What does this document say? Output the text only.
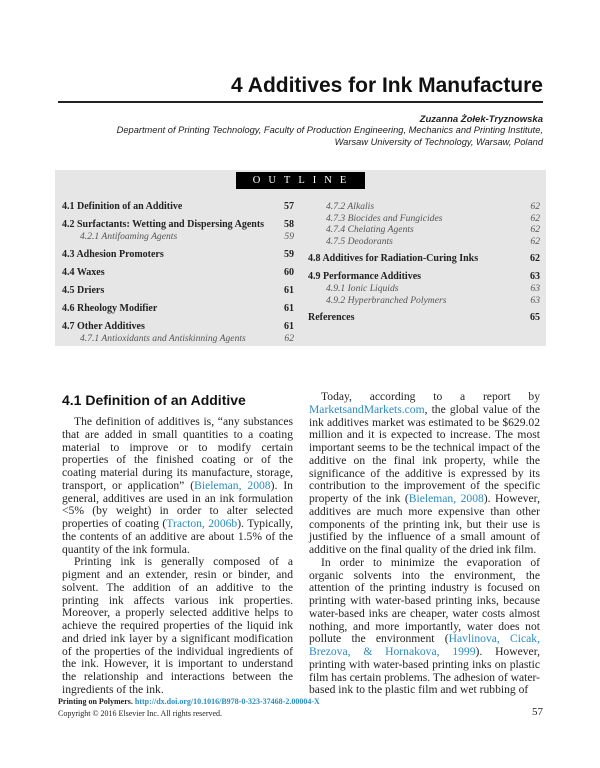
4 Additives for Ink Manufacture
Zuzanna Żołek-Tryznowska
Department of Printing Technology, Faculty of Production Engineering, Mechanics and Printing Institute,
Warsaw University of Technology, Warsaw, Poland
OUTLINE
4.1 Definition of an Additive	57
4.2 Surfactants: Wetting and Dispersing Agents 58
4.2.1 Antifoaming Agents	59
4.3 Adhesion Promoters	59
4.4 Waxes	60
4.5 Driers	61
4.6 Rheology Modifier	61
4.7 Other Additives	61
4.7.1 Antioxidants and Antiskinning Agents	62
4.7.2 Alkalis	62
4.7.3 Biocides and Fungicides	62
4.7.4 Chelating Agents	62
4.7.5 Deodorants	62
4.8 Additives for Radiation-Curing Inks	62
4.9 Performance Additives	63
4.9.1 Ionic Liquids	63
4.9.2 Hyperbranched Polymers	63
References	65
4.1 Definition of an Additive

The definition of additives is, “any substances that are added in small quantities to a coating material to improve or to modify certain properties of the finished coating or of the coating material during its manufacture, storage, transport, or application” (Bieleman, 2008). In general, additives are used in an ink formulation <5% (by weight) in order to alter selected properties of coating (Tracton, 2006b). Typically, the contents of an additive are about 1.5% of the quantity of the ink formula.

Printing ink is generally composed of a pigment and an extender, resin or binder, and solvent. The addition of an additive to the printing ink affects various ink properties. Moreover, a properly selected additive helps to achieve the required properties of the liquid ink and dried ink layer by a significant modification of the properties of the individual ingredients of the ink. However, it is important to understand the relationship and interactions between the ingredients of the ink.

Today, according to a report by MarketsandMarkets.com, the global value of the ink additives market was estimated to be $629.02 million and it is expected to increase. The most important seems to be the technical impact of the additive on the final ink property, while the significance of the additive is expressed by its contribution to the improvement of the specific property of the ink (Bieleman, 2008). However, additives are much more expensive than other components of the printing ink, but their use is justified by the influence of a small amount of additive on the final quality of the dried ink film.

In order to minimize the evaporation of organic solvents into the environment, the attention of the printing industry is focused on printing with water-based printing inks, because water-based inks are cheaper, water costs almost nothing, and more importantly, water does not pollute the environment (Havlinova, Cicak, Brezova, & Hornakova, 1999). However, printing with water-based printing inks on plastic film has certain problems. The adhesion of water-based ink to the plastic film and wet rubbing of

Printing on Polymers. http://dx.doi.org/10.1016/B978-0-323-37468-2.00004-X
Copyright © 2016 Elsevier Inc. All rights reserved.	57
